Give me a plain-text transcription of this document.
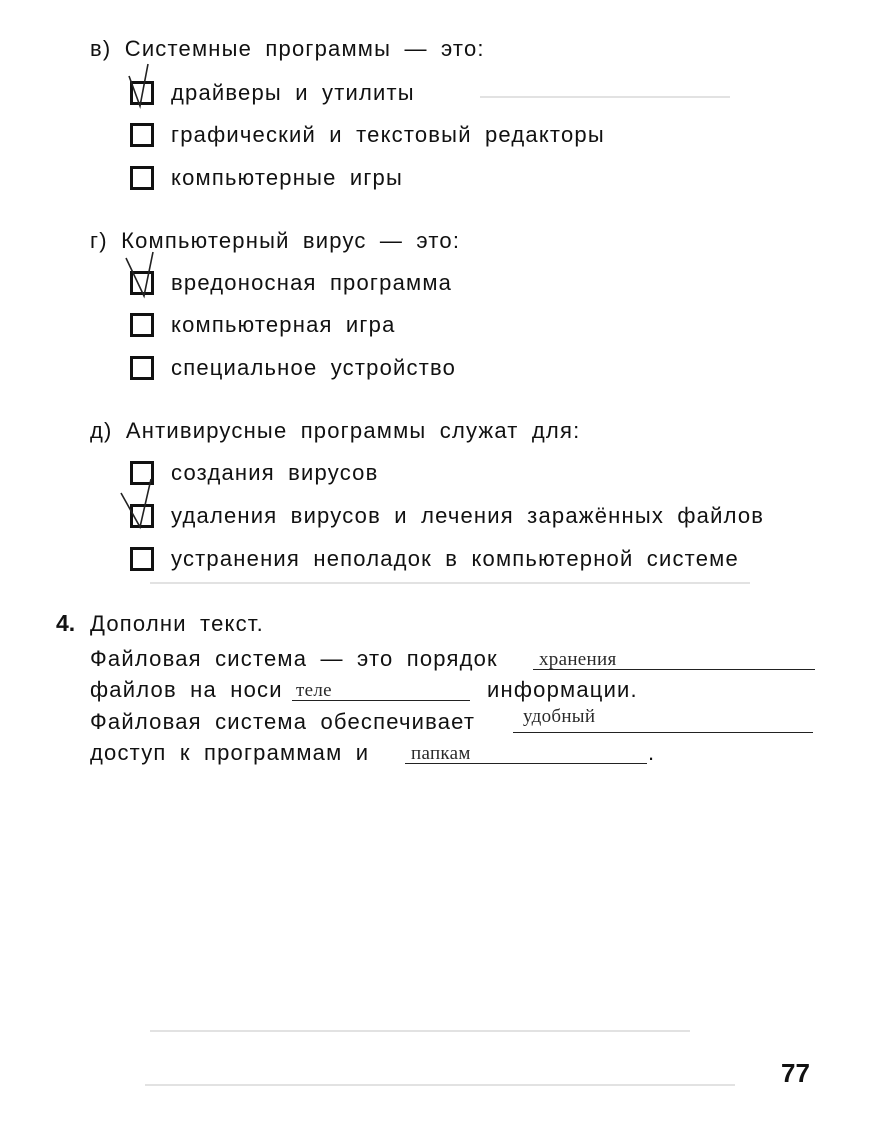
в) Системные программы — это:
драйверы и утилиты
графический и текстовый редакторы
компьютерные игры
г) Компьютерный вирус — это:
вредоносная программа
компьютерная игра
специальное устройство
д) Антивирусные программы служат для:
создания вирусов
удаления вирусов и лечения заражённых файлов
устранения неполадок в компьютерной системе
4. Дополни текст.
Файловая система — это порядок хранения
файлов на носи теле	информации.
Файловая система обеспечивает	удобный
доступ к программам и папкам	.
77
